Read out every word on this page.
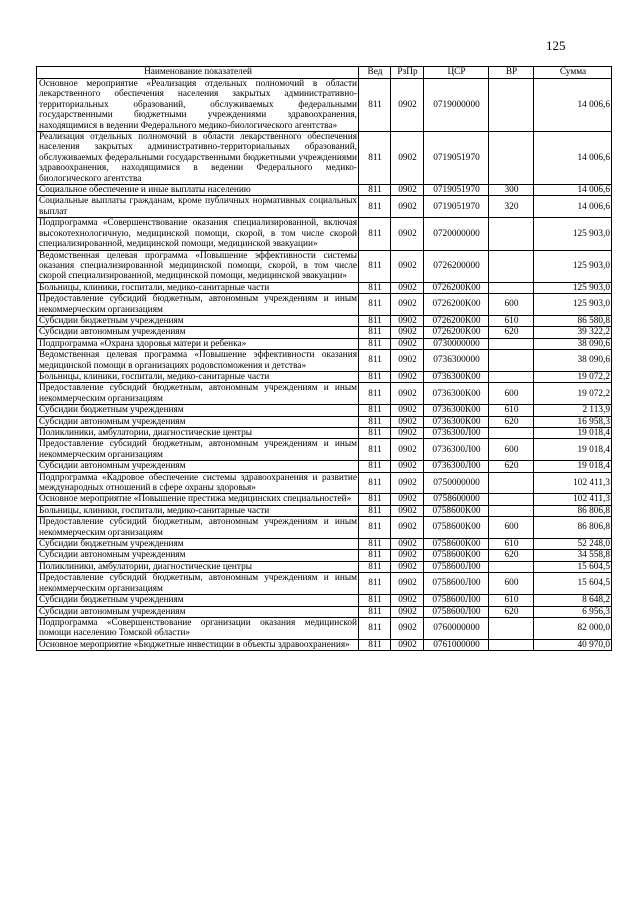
125
Наименование показателей	Вед	РзПр	ЦСР	ВР	Сумма
Основное мероприятие «Реализация отдельных полномочий в области лекарственного обеспечения населения закрытых административно-территориальных образований, обслуживаемых федеральными государственными бюджетными учреждениями здравоохранения, находящимися в ведении Федерального медико-биологического агентства»	811	0902	0719000000		14 006,6
Реализация отдельных полномочий в области лекарственного обеспечения населения закрытых административно-территориальных образований, обслуживаемых федеральными государственными бюджетными учреждениями здравоохранения, находящимися в ведении Федерального медико-биологического агентства	811	0902	0719051970		14 006,6
Социальное обеспечение и иные выплаты населению	811	0902	0719051970	300	14 006,6
Социальные выплаты гражданам, кроме публичных нормативных социальных выплат	811	0902	0719051970	320	14 006,6
Подпрограмма «Совершенствование оказания специализированной, включая высокотехнологичную, медицинской помощи, скорой, в том числе скорой специализированной, медицинской помощи, медицинской эвакуации»	811	0902	0720000000		125 903,0
Ведомственная целевая программа «Повышение эффективности системы оказания специализированной медицинской помощи, скорой, в том числе скорой специализированной, медицинской помощи, медицинской эвакуации»	811	0902	0726200000		125 903,0
Больницы, клиники, госпитали, медико-санитарные части	811	0902	0726200К00		125 903,0
Предоставление субсидий бюджетным, автономным учреждениям и иным некоммерческим организациям	811	0902	0726200К00	600	125 903,0
Субсидии бюджетным учреждениям	811	0902	0726200К00	610	86 580,8
Субсидии автономным учреждениям	811	0902	0726200К00	620	39 322,2
Подпрограмма «Охрана здоровья матери и ребенка»	811	0902	0730000000		38 090,6
Ведомственная целевая программа «Повышение эффективности оказания медицинской помощи в организациях родовспоможения и детства»	811	0902	0736300000		38 090,6
Больницы, клиники, госпитали, медико-санитарные части	811	0902	0736300К00		19 072,2
Предоставление субсидий бюджетным, автономным учреждениям и иным некоммерческим организациям	811	0902	0736300К00	600	19 072,2
Субсидии бюджетным учреждениям	811	0902	0736300К00	610	2 113,9
Субсидии автономным учреждениям	811	0902	0736300К00	620	16 958,3
Поликлиники, амбулатории, диагностические центры	811	0902	0736300Л00		19 018,4
Предоставление субсидий бюджетным, автономным учреждениям и иным некоммерческим организациям	811	0902	0736300Л00	600	19 018,4
Субсидии автономным учреждениям	811	0902	0736300Л00	620	19 018,4
Подпрограмма «Кадровое обеспечение системы здравоохранения и развитие международных отношений в сфере охраны здоровья»	811	0902	0750000000		102 411,3
Основное мероприятие «Повышение престижа медицинских специальностей»	811	0902	0758600000		102 411,3
Больницы, клиники, госпитали, медико-санитарные части	811	0902	0758600К00		86 806,8
Предоставление субсидий бюджетным, автономным учреждениям и иным некоммерческим организациям	811	0902	0758600К00	600	86 806,8
Субсидии бюджетным учреждениям	811	0902	0758600К00	610	52 248,0
Субсидии автономным учреждениям	811	0902	0758600К00	620	34 558,8
Поликлиники, амбулатории, диагностические центры	811	0902	0758600Л00		15 604,5
Предоставление субсидий бюджетным, автономным учреждениям и иным некоммерческим организациям	811	0902	0758600Л00	600	15 604,5
Субсидии бюджетным учреждениям	811	0902	0758600Л00	610	8 648,2
Субсидии автономным учреждениям	811	0902	0758600Л00	620	6 956,3
Подпрограмма «Совершенствование организации оказания медицинской помощи населению Томской области»	811	0902	0760000000		82 000,0
Основное мероприятие «Бюджетные инвестиции в объекты здравоохранения»	811	0902	0761000000		40 970,0
